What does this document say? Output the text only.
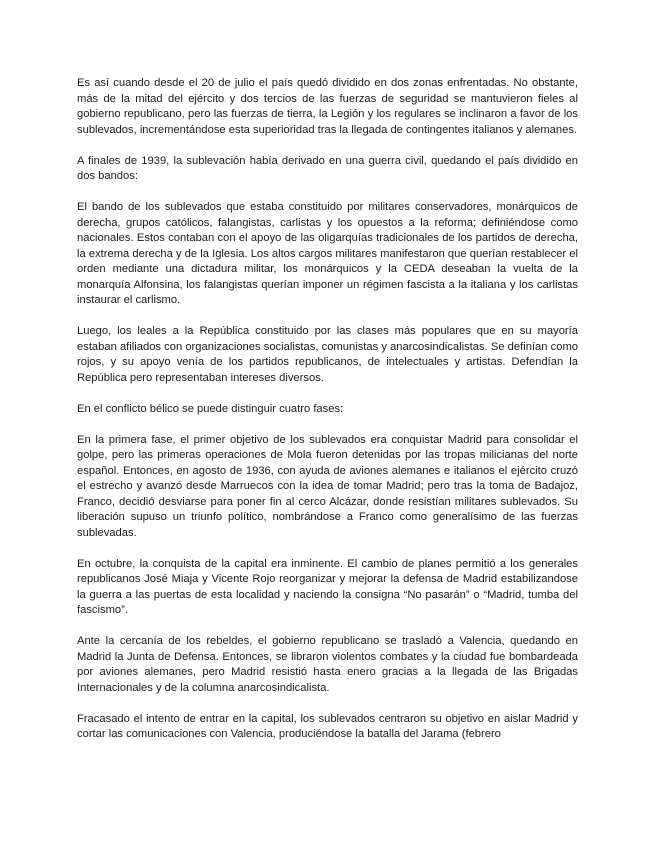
Es así cuando desde el 20 de julio el país quedó dividido en dos zonas enfrentadas. No obstante, más de la mitad del ejército y dos tercios de las fuerzas de seguridad se mantuvieron fieles al gobierno republicano, pero las fuerzas de tierra, la Legión y los regulares se inclinaron a favor de los sublevados, incrementándose esta superioridad tras la llegada de contingentes italianos y alemanes.

A finales de 1939, la sublevación había derivado en una guerra civil, quedando el país dividido en dos bandos:

El bando de los sublevados que estaba constituido por militares conservadores, monárquicos de derecha, grupos católicos, falangistas, carlistas y los opuestos a la reforma; definiéndose como nacionales. Estos contaban con el apoyo de las oligarquías tradicionales de los partidos de derecha, la extrema derecha y de la Iglesia. Los altos cargos militares manifestaron que querían restablecer el orden mediante una dictadura militar, los monárquicos y la CEDA deseaban la vuelta de la monarquía Alfonsina, los falangistas querían imponer un régimen fascista a la italiana y los carlistas instaurar el carlismo.

Luego, los leales a la República constituido por las clases más populares que en su mayoría estaban afiliados con organizaciones socialistas, comunistas y anarcosindicalistas. Se definían como rojos, y su apoyo venía de los partidos republicanos, de intelectuales y artistas. Defendían la República pero representaban intereses diversos.

En el conflicto bélico se puede distinguir cuatro fases:

En la primera fase, el primer objetivo de los sublevados era conquistar Madrid para consolidar el golpe, pero las primeras operaciones de Mola fueron detenidas por las tropas milicianas del norte español. Entonces, en agosto de 1936, con ayuda de aviones alemanes e italianos el ejército cruzó el estrecho y avanzó desde Marruecos con la idea de tomar Madrid; pero tras la toma de Badajoz, Franco, decidió desviarse para poner fin al cerco Alcázar, donde resistían militares sublevados. Su liberación supuso un triunfo político, nombrándose a Franco como generalísimo de las fuerzas sublevadas.

En octubre, la conquista de la capital era inminente. El cambio de planes permitió a los generales republicanos José Miaja y Vicente Rojo reorganizar y mejorar la defensa de Madrid estabilizandose la guerra a las puertas de esta localidad y naciendo la consigna “No pasarán” o “Madrid, tumba del fascismo”.

Ante la cercanía de los rebeldes, el gobierno republicano se trasladó a Valencia, quedando en Madrid la Junta de Defensa. Entonces, se libraron violentos combates y la ciudad fue bombardeada por aviones alemanes, pero Madrid resistió hasta enero gracias a la llegada de las Brigadas Internacionales y de la columna anarcosindicalista.

Fracasado el intento de entrar en la capital, los sublevados centraron su objetivo en aislar Madrid y cortar las comunicaciones con Valencia, produciéndose la batalla del Jarama (febrero
